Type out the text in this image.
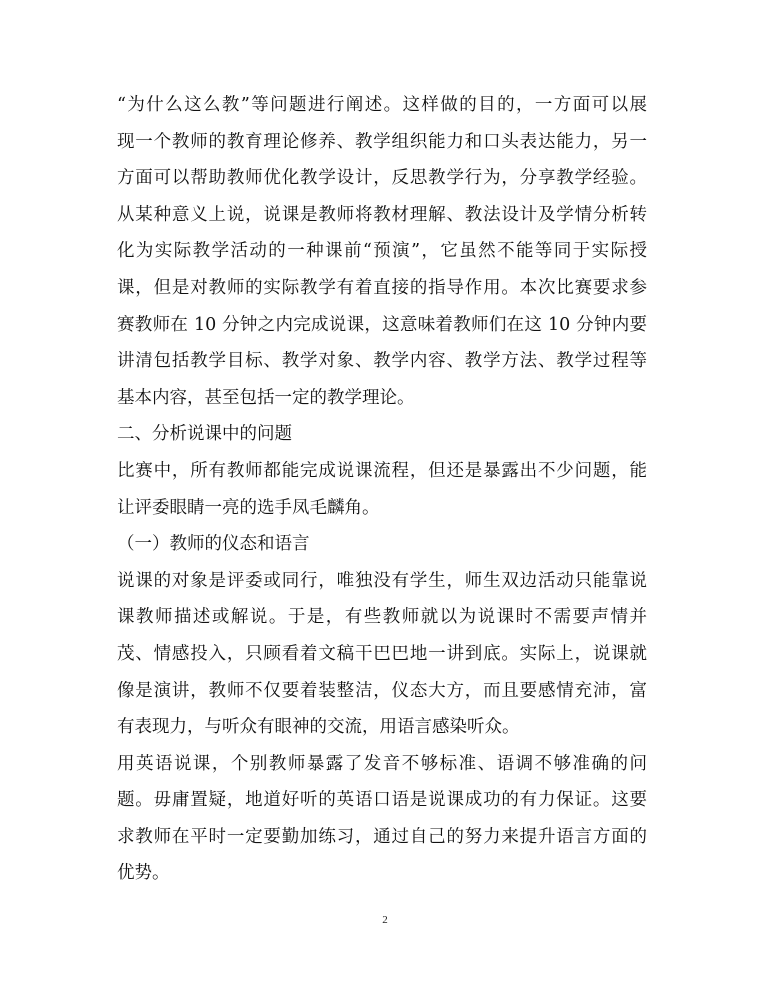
“为什么这么教”等问题进行阐述。这样做的目的，一方面可以展
现一个教师的教育理论修养、教学组织能力和口头表达能力，另一
方面可以帮助教师优化教学设计，反思教学行为，分享教学经验。
从某种意义上说，说课是教师将教材理解、教法设计及学情分析转
化为实际教学活动的一种课前“预演”，它虽然不能等同于实际授
课，但是对教师的实际教学有着直接的指导作用。本次比赛要求参
赛教师在 10 分钟之内完成说课，这意味着教师们在这 10 分钟内要
讲清包括教学目标、教学对象、教学内容、教学方法、教学过程等
基本内容，甚至包括一定的教学理论。
二、分析说课中的问题
比赛中，所有教师都能完成说课流程，但还是暴露出不少问题，能
让评委眼睛一亮的选手凤毛麟角。
（一）教师的仪态和语言
说课的对象是评委或同行，唯独没有学生，师生双边活动只能靠说
课教师描述或解说。于是，有些教师就以为说课时不需要声情并
茂、情感投入，只顾看着文稿干巴巴地一讲到底。实际上，说课就
像是演讲，教师不仅要着装整洁，仪态大方，而且要感情充沛，富
有表现力，与听众有眼神的交流，用语言感染听众。
用英语说课，个别教师暴露了发音不够标准、语调不够准确的问
题。毋庸置疑，地道好听的英语口语是说课成功的有力保证。这要
求教师在平时一定要勤加练习，通过自己的努力来提升语言方面的
优势。
2
